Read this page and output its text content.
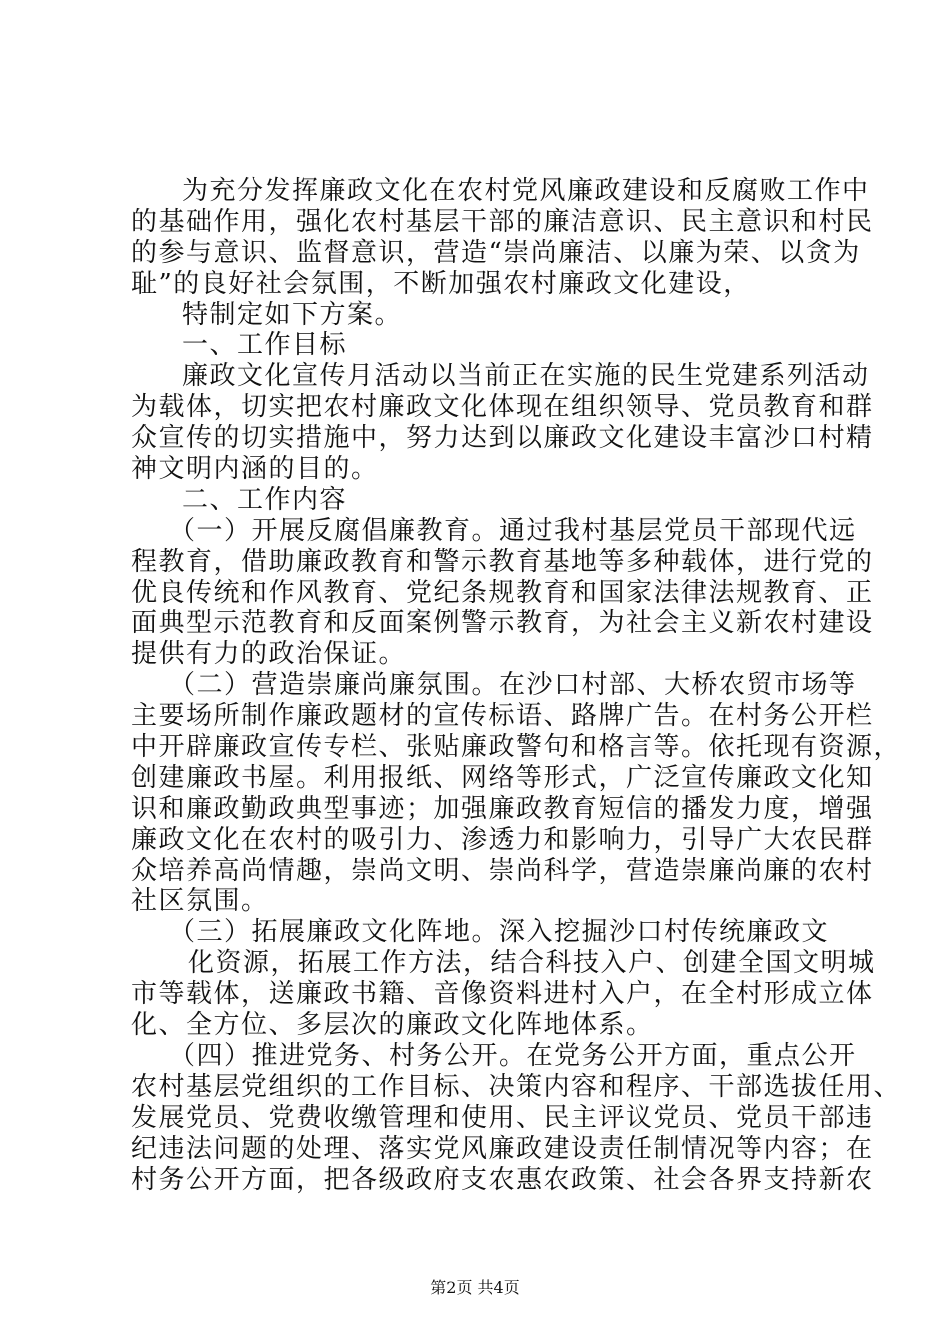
为充分发挥廉政文化在农村党风廉政建设和反腐败工作中
的基础作用，强化农村基层干部的廉洁意识、民主意识和村民
的参与意识、监督意识，营造“崇尚廉洁、以廉为荣、以贪为
耻”的良好社会氛围，不断加强农村廉政文化建设，
特制定如下方案。
一、工作目标
廉政文化宣传月活动以当前正在实施的民生党建系列活动
为载体，切实把农村廉政文化体现在组织领导、党员教育和群
众宣传的切实措施中，努力达到以廉政文化建设丰富沙口村精
神文明内涵的目的。
二、工作内容
（一）开展反腐倡廉教育。通过我村基层党员干部现代远
程教育，借助廉政教育和警示教育基地等多种载体，进行党的
优良传统和作风教育、党纪条规教育和国家法律法规教育、正
面典型示范教育和反面案例警示教育，为社会主义新农村建设
提供有力的政治保证。
（二）营造崇廉尚廉氛围。在沙口村部、大桥农贸市场等
主要场所制作廉政题材的宣传标语、路牌广告。在村务公开栏
中开辟廉政宣传专栏、张贴廉政警句和格言等。依托现有资源，
创建廉政书屋。利用报纸、网络等形式，广泛宣传廉政文化知
识和廉政勤政典型事迹；加强廉政教育短信的播发力度，增强
廉政文化在农村的吸引力、渗透力和影响力，引导广大农民群
众培养高尚情趣，崇尚文明、崇尚科学，营造崇廉尚廉的农村
社区氛围。
（三）拓展廉政文化阵地。深入挖掘沙口村传统廉政文
化资源，拓展工作方法，结合科技入户、创建全国文明城
市等载体，送廉政书籍、音像资料进村入户，在全村形成立体
化、全方位、多层次的廉政文化阵地体系。
（四）推进党务、村务公开。在党务公开方面，重点公开
农村基层党组织的工作目标、决策内容和程序、干部选拔任用、
发展党员、党费收缴管理和使用、民主评议党员、党员干部违
纪违法问题的处理、落实党风廉政建设责任制情况等内容；在
村务公开方面，把各级政府支农惠农政策、社会各界支持新农
第2页 共4页
